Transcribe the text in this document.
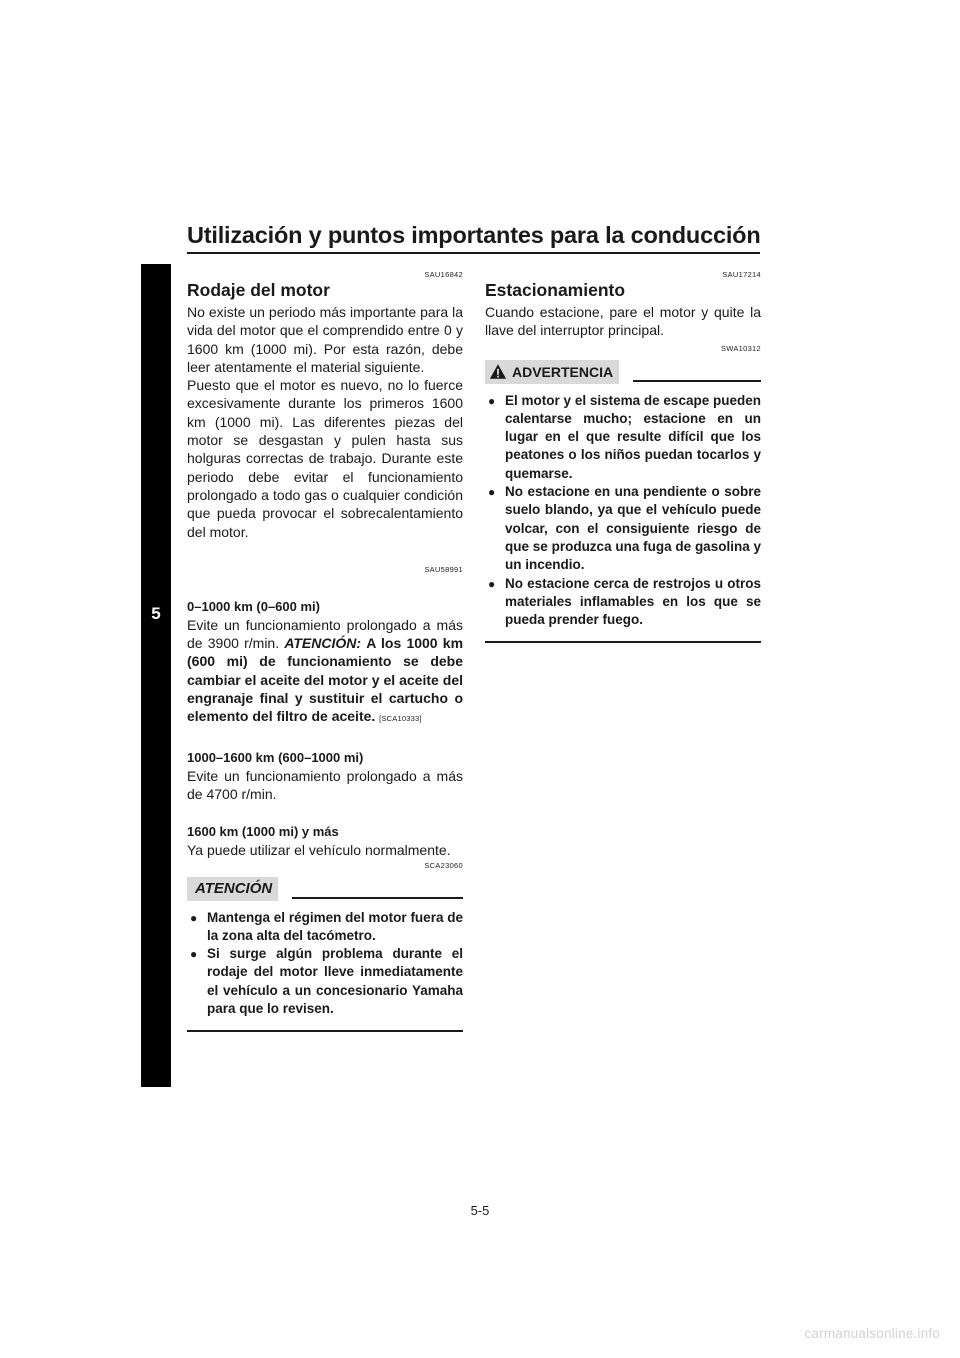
Utilización y puntos importantes para la conducción
5

SAU16842

Rodaje del motor

No existe un periodo más importante para la vida del motor que el comprendido entre 0 y 1600 km (1000 mi). Por esta razón, debe leer atentamente el material siguiente.

Puesto que el motor es nuevo, no lo fuerce excesivamente durante los primeros 1600 km (1000 mi). Las diferentes piezas del motor se desgastan y pulen hasta sus holguras correctas de trabajo. Durante este periodo debe evitar el funcionamiento prolongado a todo gas o cualquier condición que pueda provocar el sobrecalentamiento del motor.

SAU58991

0–1000 km (0–600 mi)

Evite un funcionamiento prolongado a más de 3900 r/min. ATENCIÓN: A los 1000 km (600 mi) de funcionamiento se debe cambiar el aceite del motor y el aceite del engranaje final y sustituir el cartucho o elemento del filtro de aceite. [SCA10333]

1000–1600 km (600–1000 mi)

Evite un funcionamiento prolongado a más de 4700 r/min.

1600 km (1000 mi) y más

Ya puede utilizar el vehículo normalmente.

SCA23060

ATENCIÓN
● Mantenga el régimen del motor fuera de la zona alta del tacómetro.
● Si surge algún problema durante el rodaje del motor lleve inmediatamente el vehículo a un concesionario Yamaha para que lo revisen.

SAU17214

Estacionamiento

Cuando estacione, pare el motor y quite la llave del interruptor principal.

SWA10312

ADVERTENCIA
● El motor y el sistema de escape pueden calentarse mucho; estacione en un lugar en el que resulte difícil que los peatones o los niños puedan tocarlos y quemarse.
● No estacione en una pendiente o sobre suelo blando, ya que el vehículo puede volcar, con el consiguiente riesgo de que se produzca una fuga de gasolina y un incendio.
● No estacione cerca de restrojos u otros materiales inflamables en los que se pueda prender fuego.
5-5
carmanualsonline.info
